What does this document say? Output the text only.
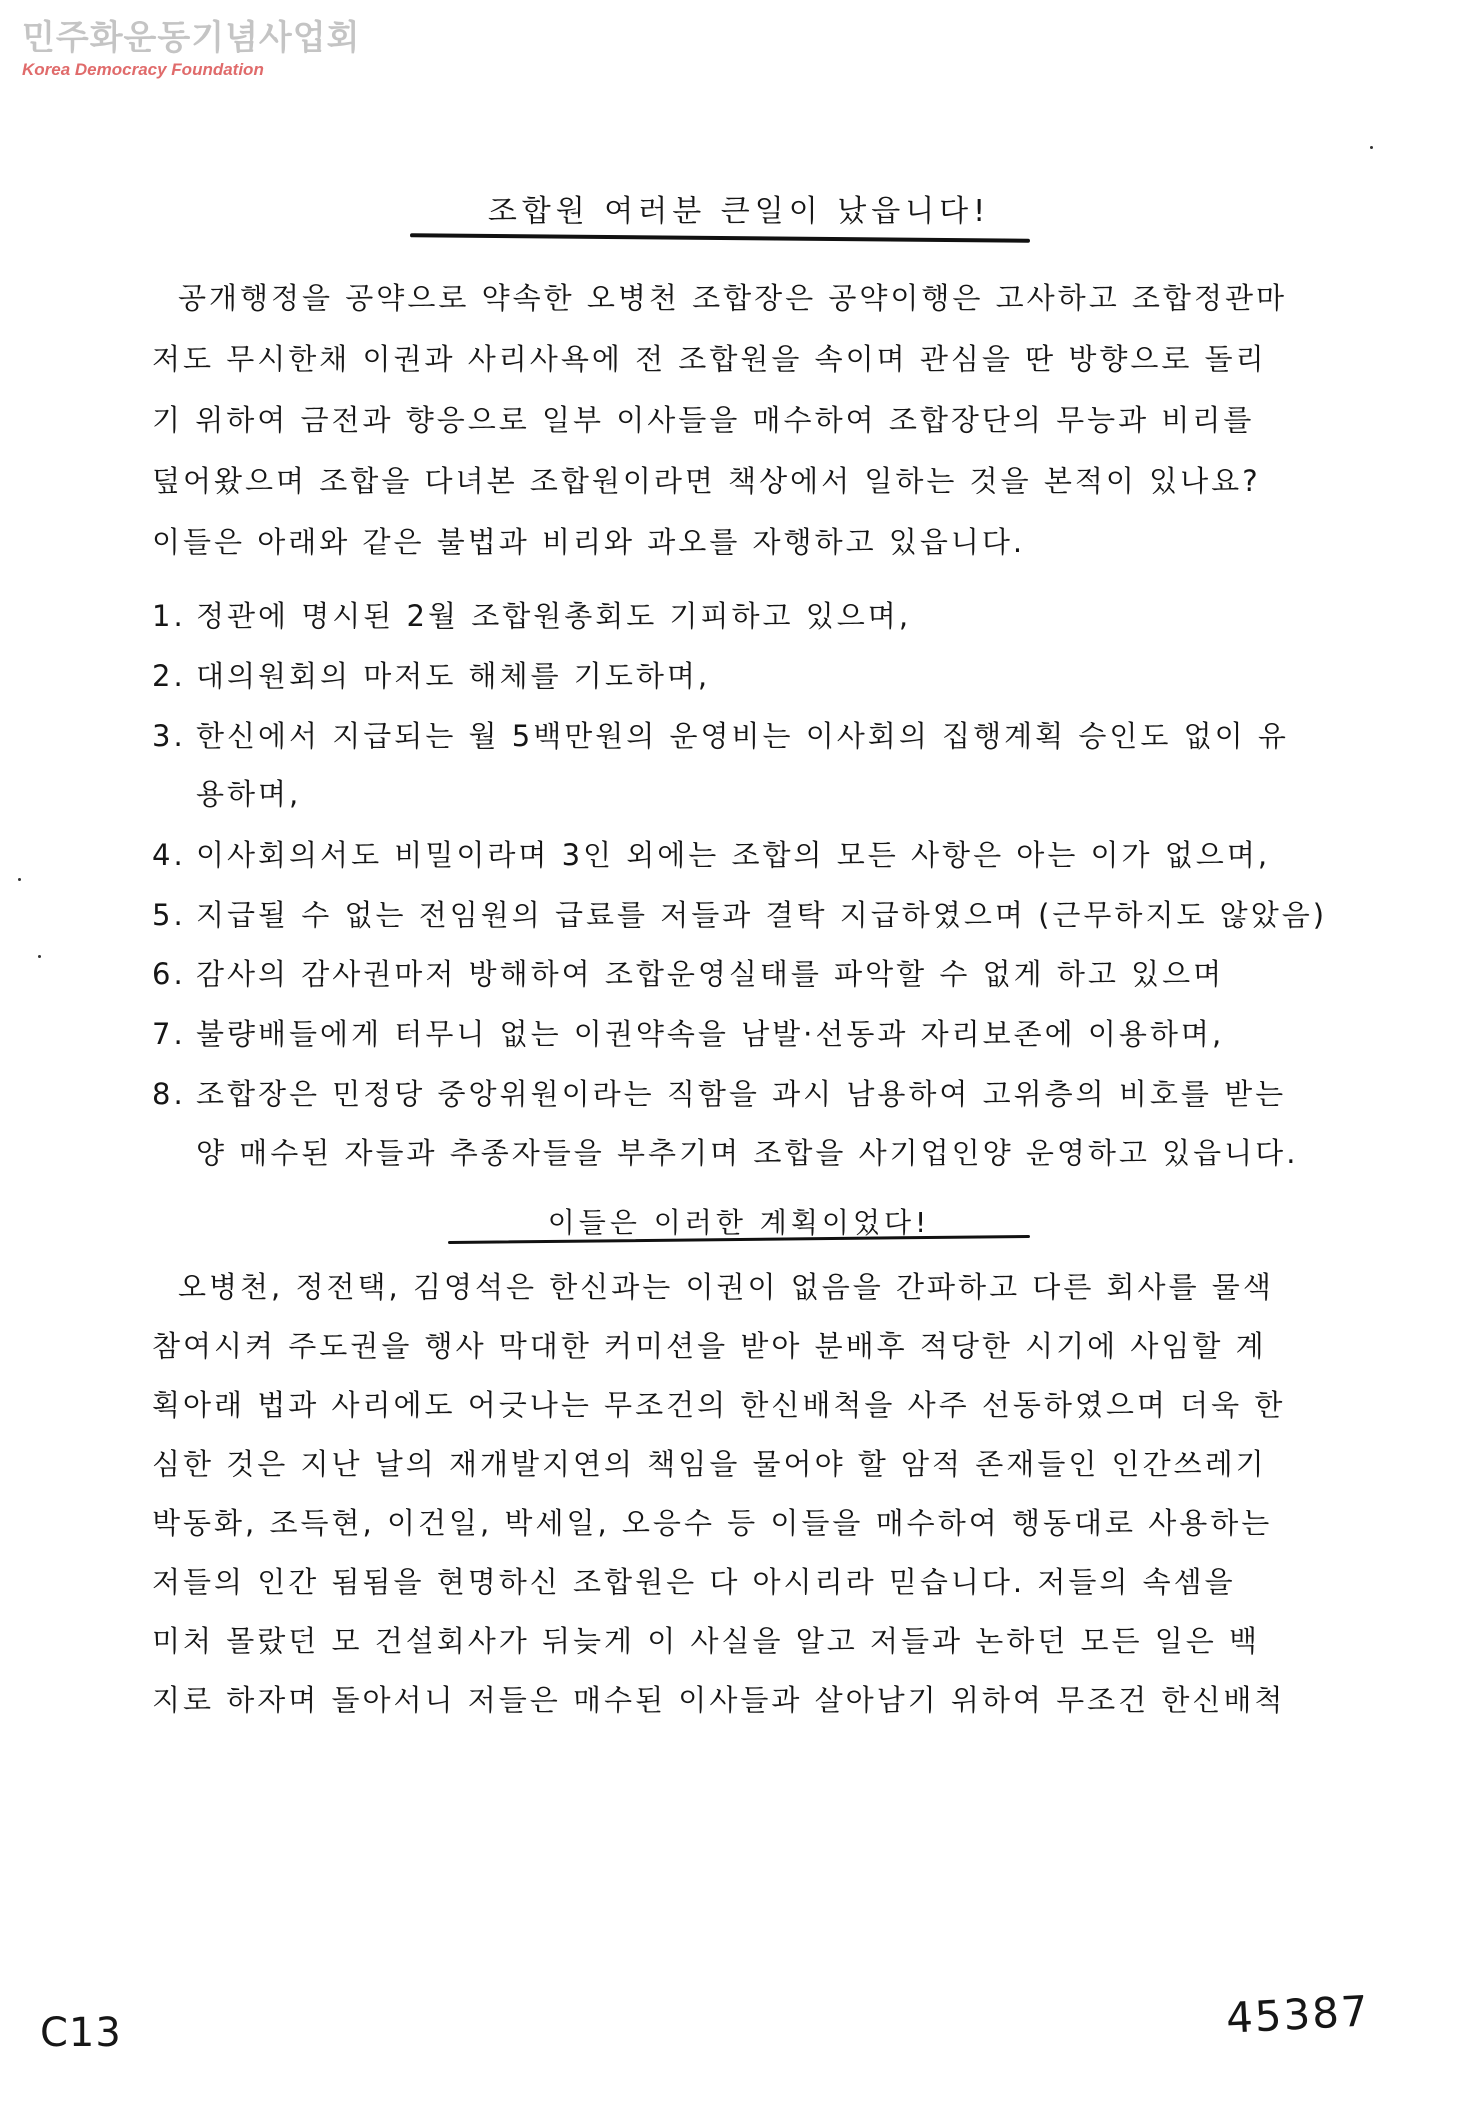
민주화운동기념사업회
Korea Democracy Foundation
조합원 여러분 큰일이 났읍니다!
공개행정을 공약으로 약속한 오병천 조합장은 공약이행은 고사하고 조합정관마
저도 무시한채 이권과 사리사욕에 전 조합원을 속이며 관심을 딴 방향으로 돌리
기 위하여 금전과 향응으로 일부 이사들을 매수하여 조합장단의 무능과 비리를
덮어왔으며 조합을 다녀본 조합원이라면 책상에서 일하는 것을 본적이 있나요?
이들은 아래와 같은 불법과 비리와 과오를 자행하고 있읍니다.
1. 정관에 명시된 2월 조합원총회도 기피하고 있으며,
2. 대의원회의 마저도 해체를 기도하며,
3. 한신에서 지급되는 월 5백만원의 운영비는 이사회의 집행계획 승인도 없이 유
용하며,
4. 이사회의서도 비밀이라며 3인 외에는 조합의 모든 사항은 아는 이가 없으며,
5. 지급될 수 없는 전임원의 급료를 저들과 결탁 지급하였으며 (근무하지도 않았음)
6. 감사의 감사권마저 방해하여 조합운영실태를 파악할 수 없게 하고 있으며
7. 불량배들에게 터무니 없는 이권약속을 남발·선동과 자리보존에 이용하며,
8. 조합장은 민정당 중앙위원이라는 직함을 과시 남용하여 고위층의 비호를 받는
양 매수된 자들과 추종자들을 부추기며 조합을 사기업인양 운영하고 있읍니다.
이들은 이러한 계획이었다!
오병천, 정전택, 김영석은 한신과는 이권이 없음을 간파하고 다른 회사를 물색
참여시켜 주도권을 행사 막대한 커미션을 받아 분배후 적당한 시기에 사임할 계
획아래 법과 사리에도 어긋나는 무조건의 한신배척을 사주 선동하였으며 더욱 한
심한 것은 지난 날의 재개발지연의 책임을 물어야 할 암적 존재들인 인간쓰레기
박동화, 조득현, 이건일, 박세일, 오응수 등 이들을 매수하여 행동대로 사용하는
저들의 인간 됨됨을 현명하신 조합원은 다 아시리라 믿습니다. 저들의 속셈을
미처 몰랐던 모 건설회사가 뒤늦게 이 사실을 알고 저들과 논하던 모든 일은 백
지로 하자며 돌아서니 저들은 매수된 이사들과 살아남기 위하여 무조건 한신배척
C13	45387
